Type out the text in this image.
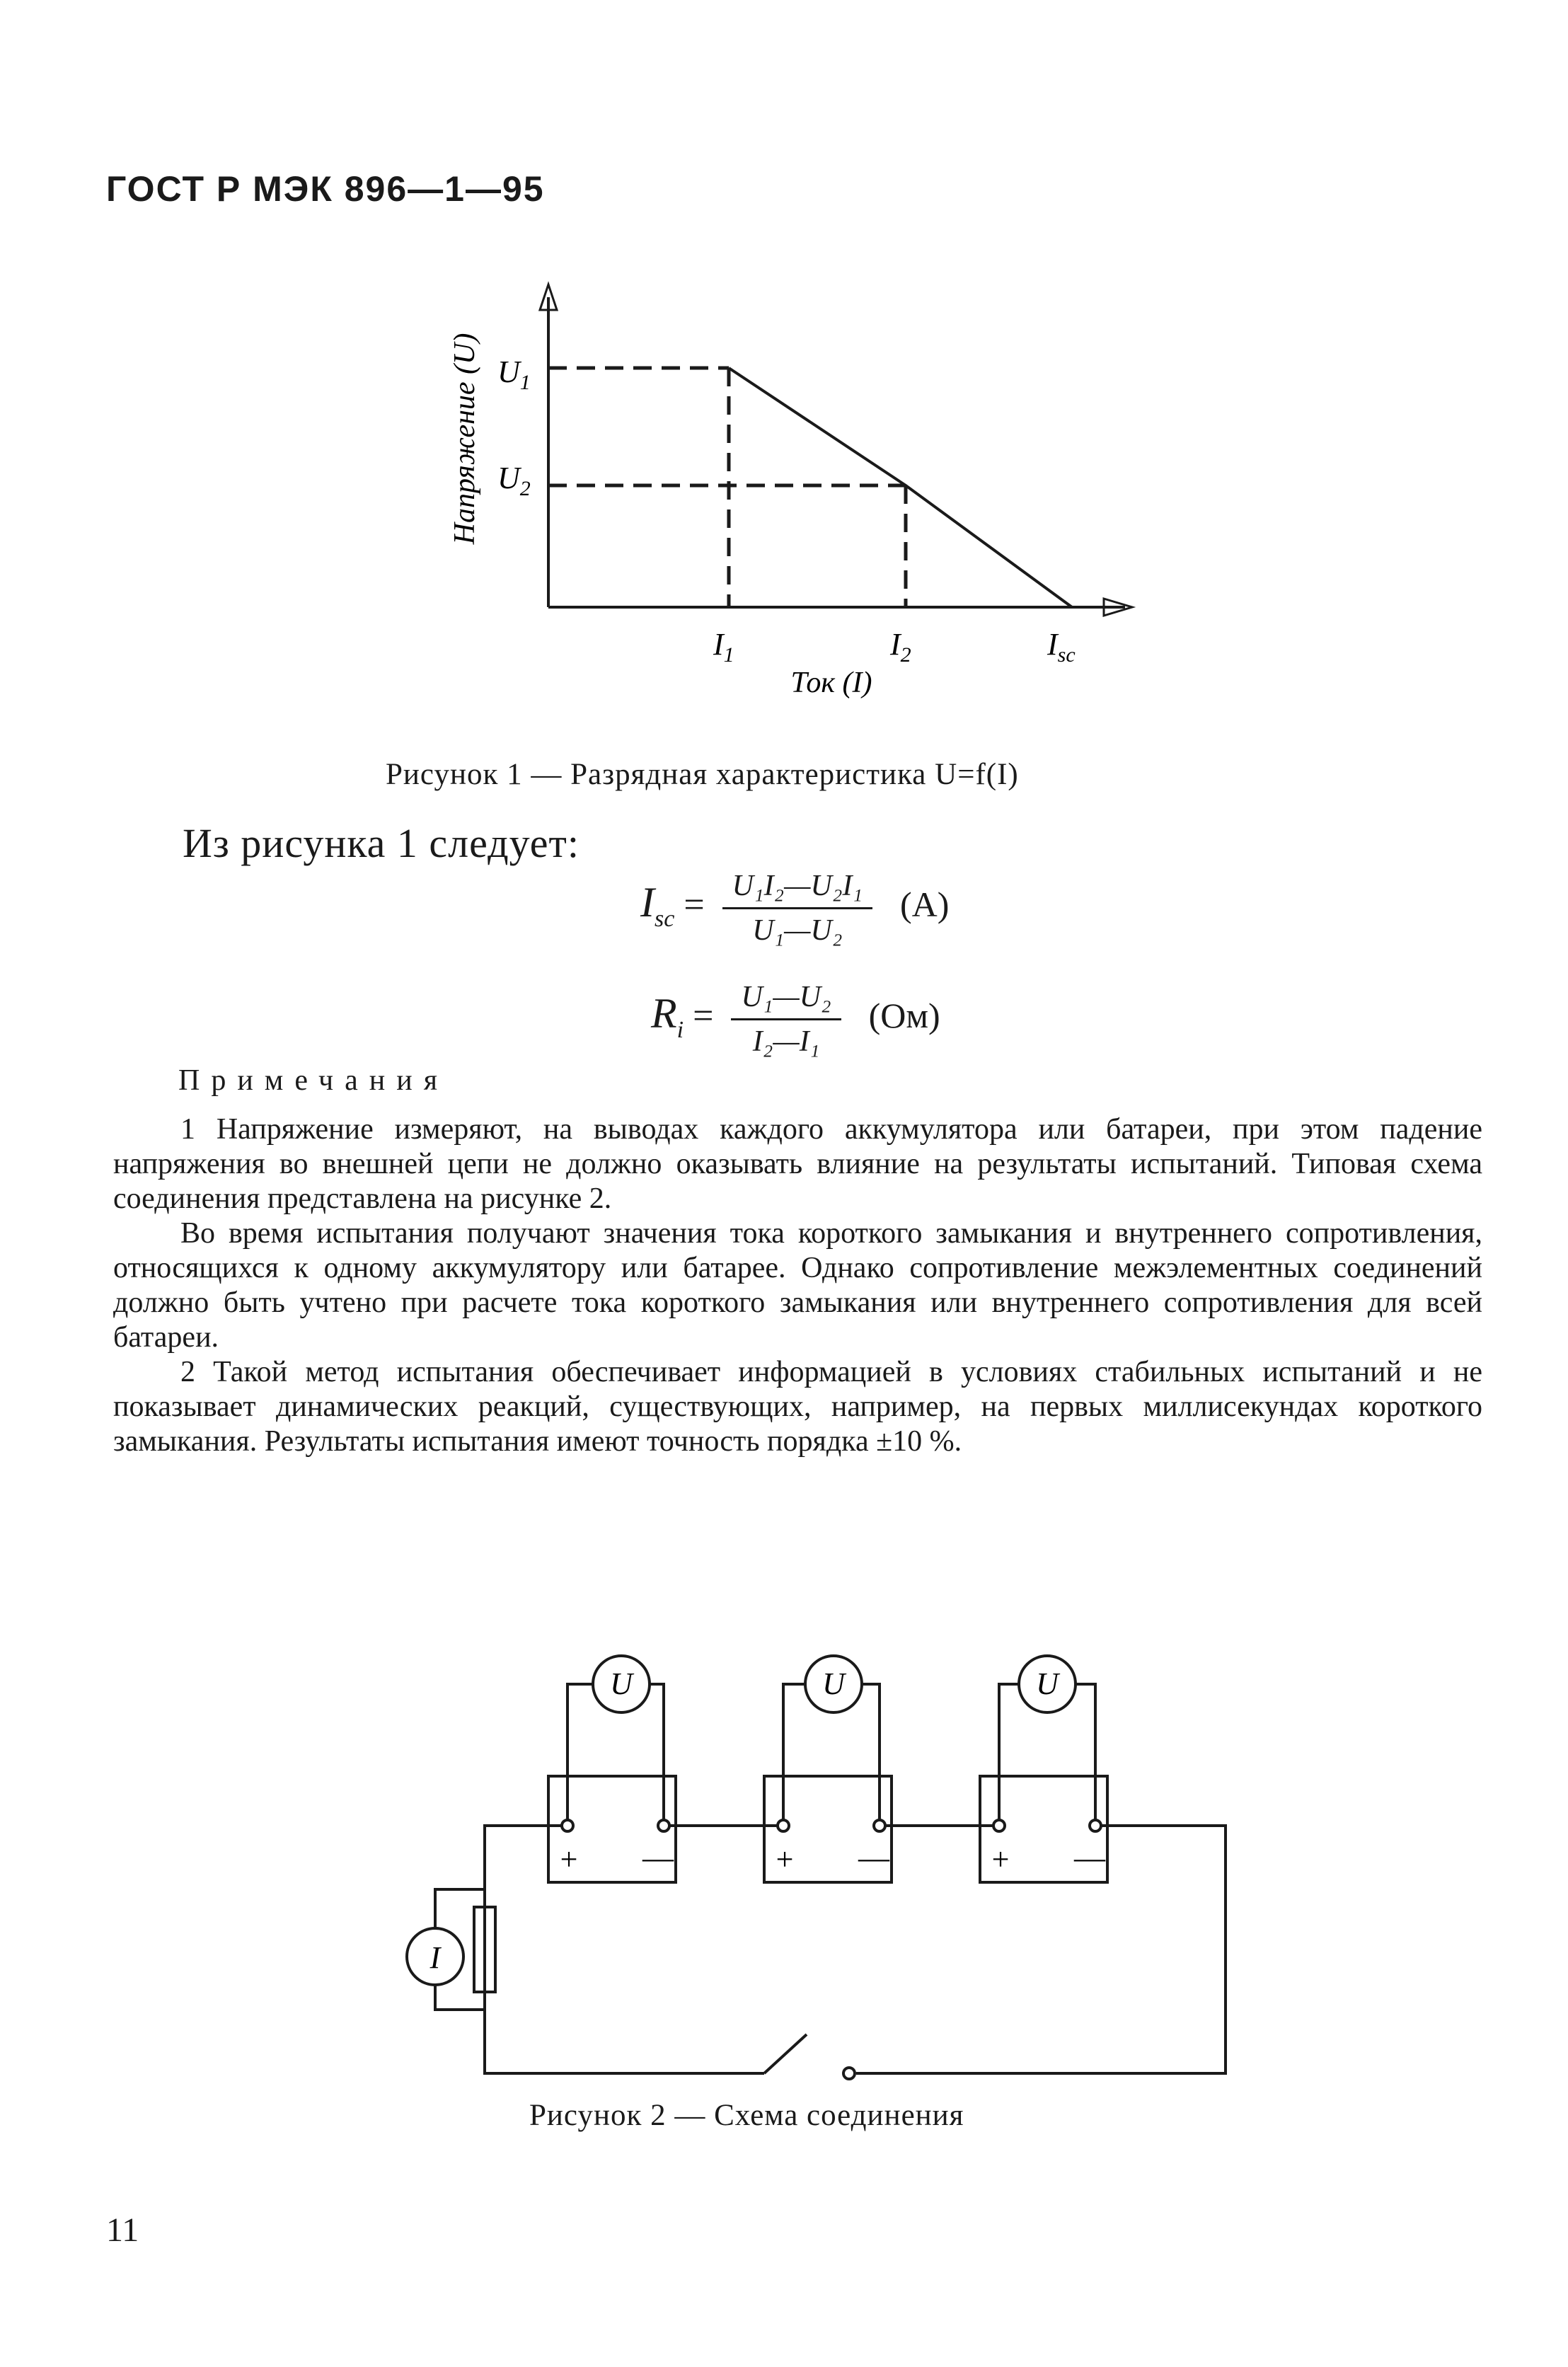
ГОСТ Р МЭК 896—1—95
Напряжение (U) $U_1$
$U_2$
$I_1$	$I_2$	$I_{sc}$
Ток (I)
Рисунок 1 — Разрядная характеристика U=f(I)
Из рисунка 1 следует:
$I_{sc} = \frac{\text{U₁I₂—U₂I₁}}{\text{U₁—U₂}} (A)$
$R_i = \frac{\text{U₁—U₂}}{\text{I₂—I₁}} (Ом)$
Примечания

1 Напряжение измеряют, на выводах каждого аккумулятора или батареи, при этом падение напряжения во внешней цепи не должно оказывать влияние на результаты испытаний. Типовая схема соединения представлена на рисунке 2.

Во время испытания получают значения тока короткого замыкания и внутреннего сопротивления, относящихся к одному аккумулятору или батарее. Однако сопротивление межэлементных соединений должно быть учтено при расчете тока короткого замыкания или внутреннего сопротивления для всей батареи.

2 Такой метод испытания обеспечивает информацией в условиях стабильных испытаний и не показывает динамических реакций, существующих, например, на первых миллисекундах короткого замыкания. Результаты испытания имеют точность порядка ±10 %.

U	U	U
I
+ —	+ —	+ —
Рисунок 2 — Схема соединения
11
